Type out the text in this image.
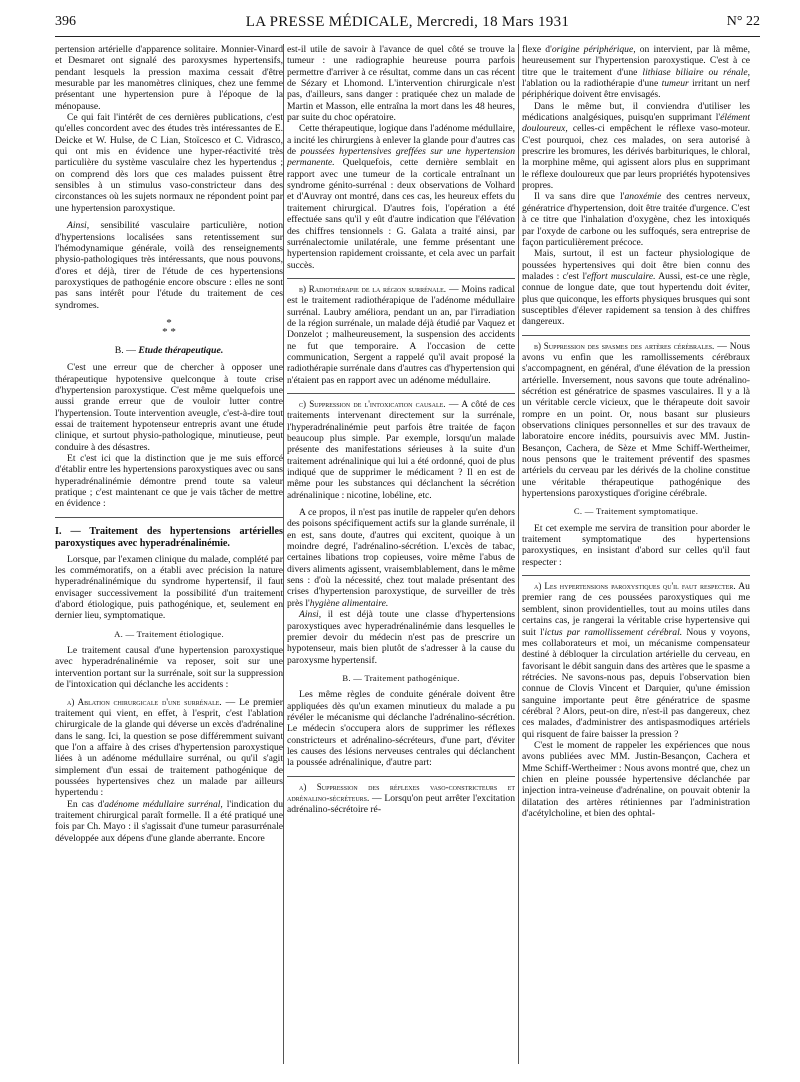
396	LA PRESSE MÉDICALE, Mercredi, 18 Mars 1931	N° 22

pertension artérielle d'apparence solitaire. Monnier-Vinard et Desmaret ont signalé des paroxysmes hypertensifs, pendant lesquels la pression maxima cessait d'être mesurable par les manomètres cliniques, chez une femme présentant une hypertension pure à l'époque de la ménopause.

Ce qui fait l'intérêt de ces dernières publications, c'est qu'elles concordent avec des études très intéressantes de E. Deicke et W. Hulse, de C Lian, Stoïcesco et C. Vidrasco, qui ont mis en évidence une hyper-réactivité très particulière du système vasculaire chez les hypertendus ; on comprend dès lors que ces malades puissent être sensibles à un stimulus vaso-constricteur dans des circonstances où les sujets normaux ne répondent point par une hypertension paroxystique.

Ainsi, sensibilité vasculaire particulière, notion d'hypertensions localisées sans retentissement sur l'hémodynamique générale, voilà des renseignements physio-pathologiques très intéressants, que nous pouvons, d'ores et déjà, tirer de l'étude de ces hypertensions paroxystiques de pathogénie encore obscure : elles ne sont pas sans intérêt pour l'étude du traitement de ces syndromes.

*
* *
B. — Etude thérapeutique.

C'est une erreur que de chercher à opposer une thérapeutique hypotensive quelconque à toute crise d'hypertension paroxystique. C'est même quelquefois une aussi grande erreur que de vouloir lutter contre l'hypertension. Toute intervention aveugle, c'est-à-dire tout essai de traitement hypotenseur entrepris avant une étude clinique, et surtout physio-pathologique, minutieuse, peut conduire à des désastres.

Et c'est ici que la distinction que je me suis efforcé d'établir entre les hypertensions paroxystiques avec ou sans hyperadrénalinémie démontre prend toute sa valeur pratique ; c'est maintenant ce que je vais tâcher de mettre en évidence :

I. — Traitement des hypertensions artérielles paroxystiques avec hyperadrénalinémie.

Lorsque, par l'examen clinique du malade, complété par les commémoratifs, on a établi avec précision la nature hyperadrénalinémique du syndrome hypertensif, il faut envisager successivement la possibilité d'un traitement d'abord étiologique, puis pathogénique, et, seulement en dernier lieu, symptomatique.

A. — Traitement étiologique.

Le traitement causal d'une hypertension paroxystique avec hyperadrénalinémie va reposer, soit sur une intervention portant sur la surrénale, soit sur la suppression de l'intoxication qui déclanche les accidents :

a) Ablation chirurgicale d'une surrénale. — Le premier traitement qui vient, en effet, à l'esprit, c'est l'ablation chirurgicale de la glande qui déverse un excès d'adrénaline dans le sang. Ici, la question se pose différemment suivant que l'on a affaire à des crises d'hypertension paroxystique liées à un adénome médullaire surrénal, ou qu'il s'agit simplement d'un essai de traitement pathogénique de poussées hypertensives chez un malade par ailleurs hypertendu :

En cas d'adénome médullaire surrénal, l'indication du traitement chirurgical paraît formelle. Il a été pratiqué une fois par Ch. Mayo : il s'agissait d'une tumeur parasurrénale développée aux dépens d'une glande aberrante. Encore

est-il utile de savoir à l'avance de quel côté se trouve la tumeur : une radiographie heureuse pourra parfois permettre d'arriver à ce résultat, comme dans un cas récent de Sézary et Lhomond. L'intervention chirurgicale n'est pas, d'ailleurs, sans danger : pratiquée chez un malade de Martin et Masson, elle entraîna la mort dans les 48 heures, par suite du choc opératoire.

Cette thérapeutique, logique dans l'adénome médullaire, a incité les chirurgiens à enlever la glande pour d'autres cas de poussées hypertensives greffées sur une hypertension permanente. Quelquefois, cette dernière semblait en rapport avec une tumeur de la corticale entraînant un syndrome génito-surrénal : deux observations de Volhard et d'Auvray ont montré, dans ces cas, les heureux effets du traitement chirurgical. D'autres fois, l'opération a été effectuée sans qu'il y eût d'autre indication que l'élévation des chiffres tensionnels : G. Galata a traité ainsi, par surrénalectomie unilatérale, une femme présentant une hypertension rapidement croissante, et cela avec un parfait succès.

b) Radiothérapie de la région surrénale. — Moins radical est le traitement radiothérapique de l'adénome médullaire surrénal. Laubry améliora, pendant un an, par l'irradiation de la région surrénale, un malade déjà étudié par Vaquez et Donzelot ; malheureusement, la suspension des accidents ne fut que temporaire. A l'occasion de cette communication, Sergent a rappelé qu'il avait proposé la radiothérapie surrénale dans d'autres cas d'hypertension qui n'étaient pas en rapport avec un adénome médullaire.

c) Suppression de l'intoxication causale. — A côté de ces traitements intervenant directement sur la surrénale, l'hyperadrénalinémie peut parfois être traitée de façon beaucoup plus simple. Par exemple, lorsqu'un malade présente des manifestations sérieuses à la suite d'un traitement adrénalinique qui lui a été ordonné, quoi de plus indiqué que de supprimer le médicament ? Il en est de même pour les substances qui déclanchent la sécrétion adrénalinique : nicotine, lobéline, etc.

A ce propos, il n'est pas inutile de rappeler qu'en dehors des poisons spécifiquement actifs sur la glande surrénale, il en est, sans doute, d'autres qui excitent, quoique à un moindre degré, l'adrénalino-sécrétion. L'excès de tabac, certaines libations trop copieuses, voire même l'abus de divers aliments agissent, vraisemblablement, dans le même sens : d'où la nécessité, chez tout malade présentant des crises d'hypertension paroxystique, de surveiller de très près l'hygiène alimentaire.

Ainsi, il est déjà toute une classe d'hypertensions paroxystiques avec hyperadrénalinémie dans lesquelles le premier devoir du médecin n'est pas de prescrire un hypotenseur, mais bien plutôt de s'adresser à la cause du paroxysme hypertensif.

B. — Traitement pathogénique.

Les même règles de conduite générale doivent être appliquées dès qu'un examen minutieux du malade a pu révéler le mécanisme qui déclanche l'adrénalino-sécrétion. Le médecin s'occupera alors de supprimer les réflexes constricteurs et adrénalino-sécréteurs, d'une part, d'éviter les causes des lésions nerveuses centrales qui déclanchent la poussée adrénalinique, d'autre part:

a) Suppression des réflexes vaso-constricteurs et adrénalino-sécréteurs. — Lorsqu'on peut arrêter l'excitation adrénalino-sécrétoire ré-

flexe d'origine périphérique, on intervient, par là même, heureusement sur l'hypertension paroxystique. C'est à ce titre que le traitement d'une lithiase biliaire ou rénale, l'ablation ou la radiothérapie d'une tumeur irritant un nerf périphérique doivent être envisagés.

Dans le même but, il conviendra d'utiliser les médications analgésiques, puisqu'en supprimant l'élément douloureux, celles-ci empêchent le réflexe vaso-moteur. C'est pourquoi, chez ces malades, on sera autorisé à prescrire les bromures, les dérivés barbituriques, le chloral, la morphine même, qui agissent alors plus en supprimant le réflexe douloureux que par leurs propriétés hypotensives propres.

Il va sans dire que l'anoxémie des centres nerveux, génératrice d'hypertension, doit être traitée d'urgence. C'est à ce titre que l'inhalation d'oxygène, chez les intoxiqués par l'oxyde de carbone ou les suffoqués, sera entreprise de façon particulièrement précoce.

Mais, surtout, il est un facteur physiologique de poussées hypertensives qui doit être bien connu des malades : c'est l'effort musculaire. Aussi, est-ce une règle, connue de longue date, que tout hypertendu doit éviter, plus que quiconque, les efforts physiques brusques qui sont susceptibles d'élever rapidement sa tension à des chiffres dangereux.

b) Suppression des spasmes des artères cérébrales. — Nous avons vu enfin que les ramollissements cérébraux s'accompagnent, en général, d'une élévation de la pression artérielle. Inversement, nous savons que toute adrénalino-sécrétion est génératrice de spasmes vasculaires. Il y a là un véritable cercle vicieux, que le thérapeute doit savoir rompre en un point. Or, nous basant sur plusieurs observations cliniques personnelles et sur des travaux de laboratoire encore inédits, poursuivis avec MM. Justin-Besançon, Cachera, de Sèze et Mme Schiff-Wertheimer, nous pensons que le traitement préventif des spasmes artériels du cerveau par les dérivés de la choline constitue une véritable thérapeutique pathogénique des hypertensions paroxystiques d'origine cérébrale.

C. — Traitement symptomatique.

Et cet exemple me servira de transition pour aborder le traitement symptomatique des hypertensions paroxystiques, en insistant d'abord sur celles qu'il faut respecter :

a) Les hypertensions paroxystiques qu'il faut respecter. Au premier rang de ces poussées paroxystiques qui me semblent, sinon providentielles, tout au moins utiles dans certains cas, je rangerai la véritable crise hypertensive qui suit l'ictus par ramollissement cérébral. Nous y voyons, mes collaborateurs et moi, un mécanisme compensateur destiné à débloquer la circulation artérielle du cerveau, en favorisant le débit sanguin dans des artères que le spasme a rétrécies. Ne savons-nous pas, depuis l'observation bien connue de Clovis Vincent et Darquier, qu'une émission sanguine importante peut être génératrice de spasme cérébral ? Alors, peut-on dire, n'est-il pas dangereux, chez ces malades, d'administrer des antispasmodiques artériels qui risquent de faire baisser la pression ?

C'est le moment de rappeler les expériences que nous avons publiées avec MM. Justin-Besançon, Cachera et Mme Schiff-Wertheimer : Nous avons montré que, chez un chien en pleine poussée hypertensive déclanchée par injection intra-veineuse d'adrénaline, on pouvait obtenir la dilatation des artères rétiniennes par l'administration d'acétylcholine, et bien des ophtal-
